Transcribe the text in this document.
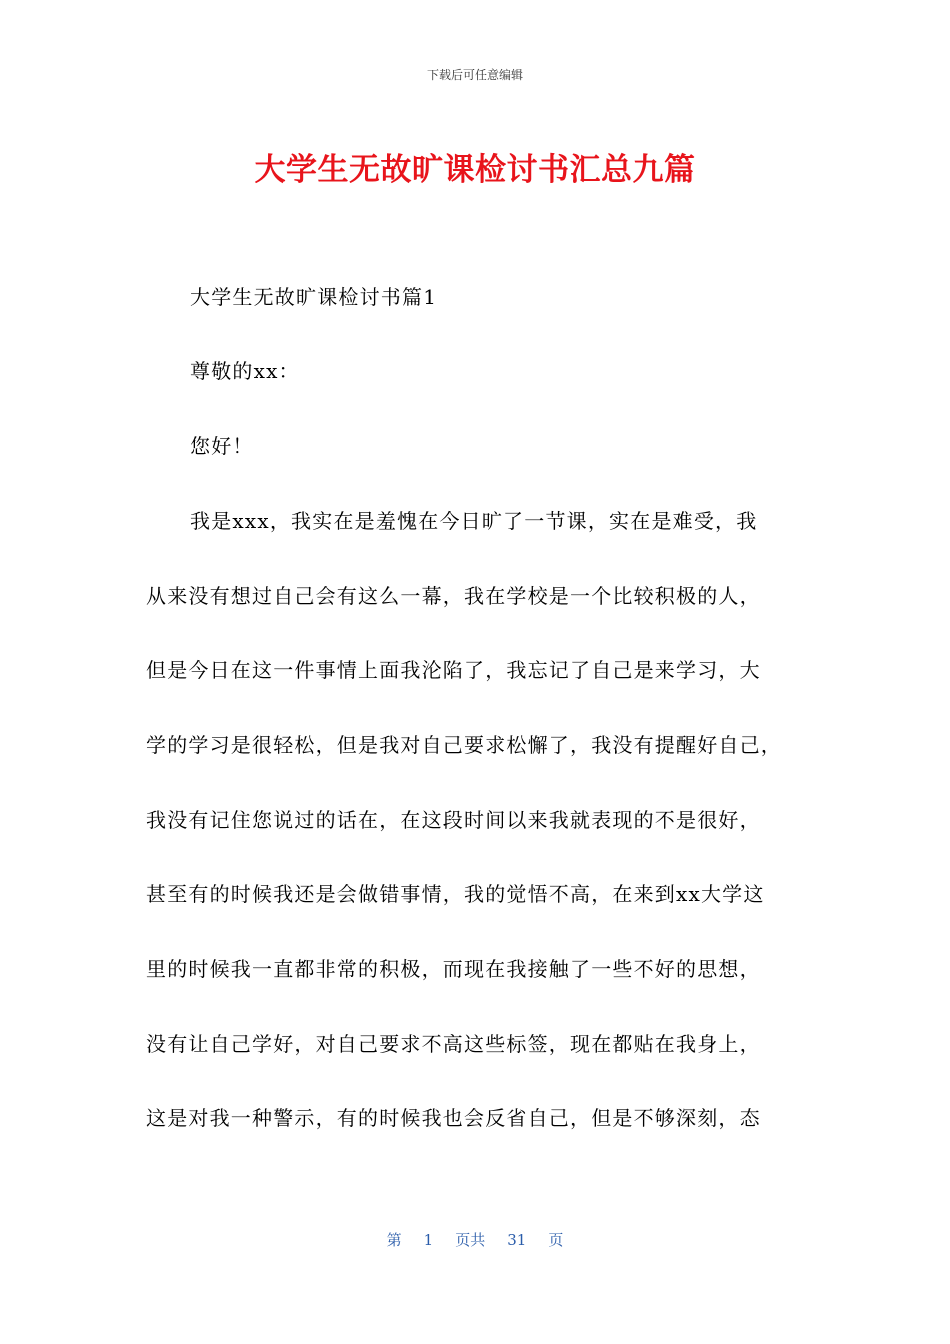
下载后可任意编辑
大学生无故旷课检讨书汇总九篇
大学生无故旷课检讨书篇1
尊敬的xx：
您好！
我是xxx，我实在是羞愧在今日旷了一节课，实在是难受，我
从来没有想过自己会有这么一幕，我在学校是一个比较积极的人，
但是今日在这一件事情上面我沦陷了，我忘记了自己是来学习，大
学的学习是很轻松，但是我对自己要求松懈了，我没有提醒好自己，
我没有记住您说过的话在，在这段时间以来我就表现的不是很好，
甚至有的时候我还是会做错事情，我的觉悟不高，在来到xx大学这
里的时候我一直都非常的积极，而现在我接触了一些不好的思想，
没有让自己学好，对自己要求不高这些标签，现在都贴在我身上，
这是对我一种警示，有的时候我也会反省自己，但是不够深刻，态
第 1 页共 31 页
